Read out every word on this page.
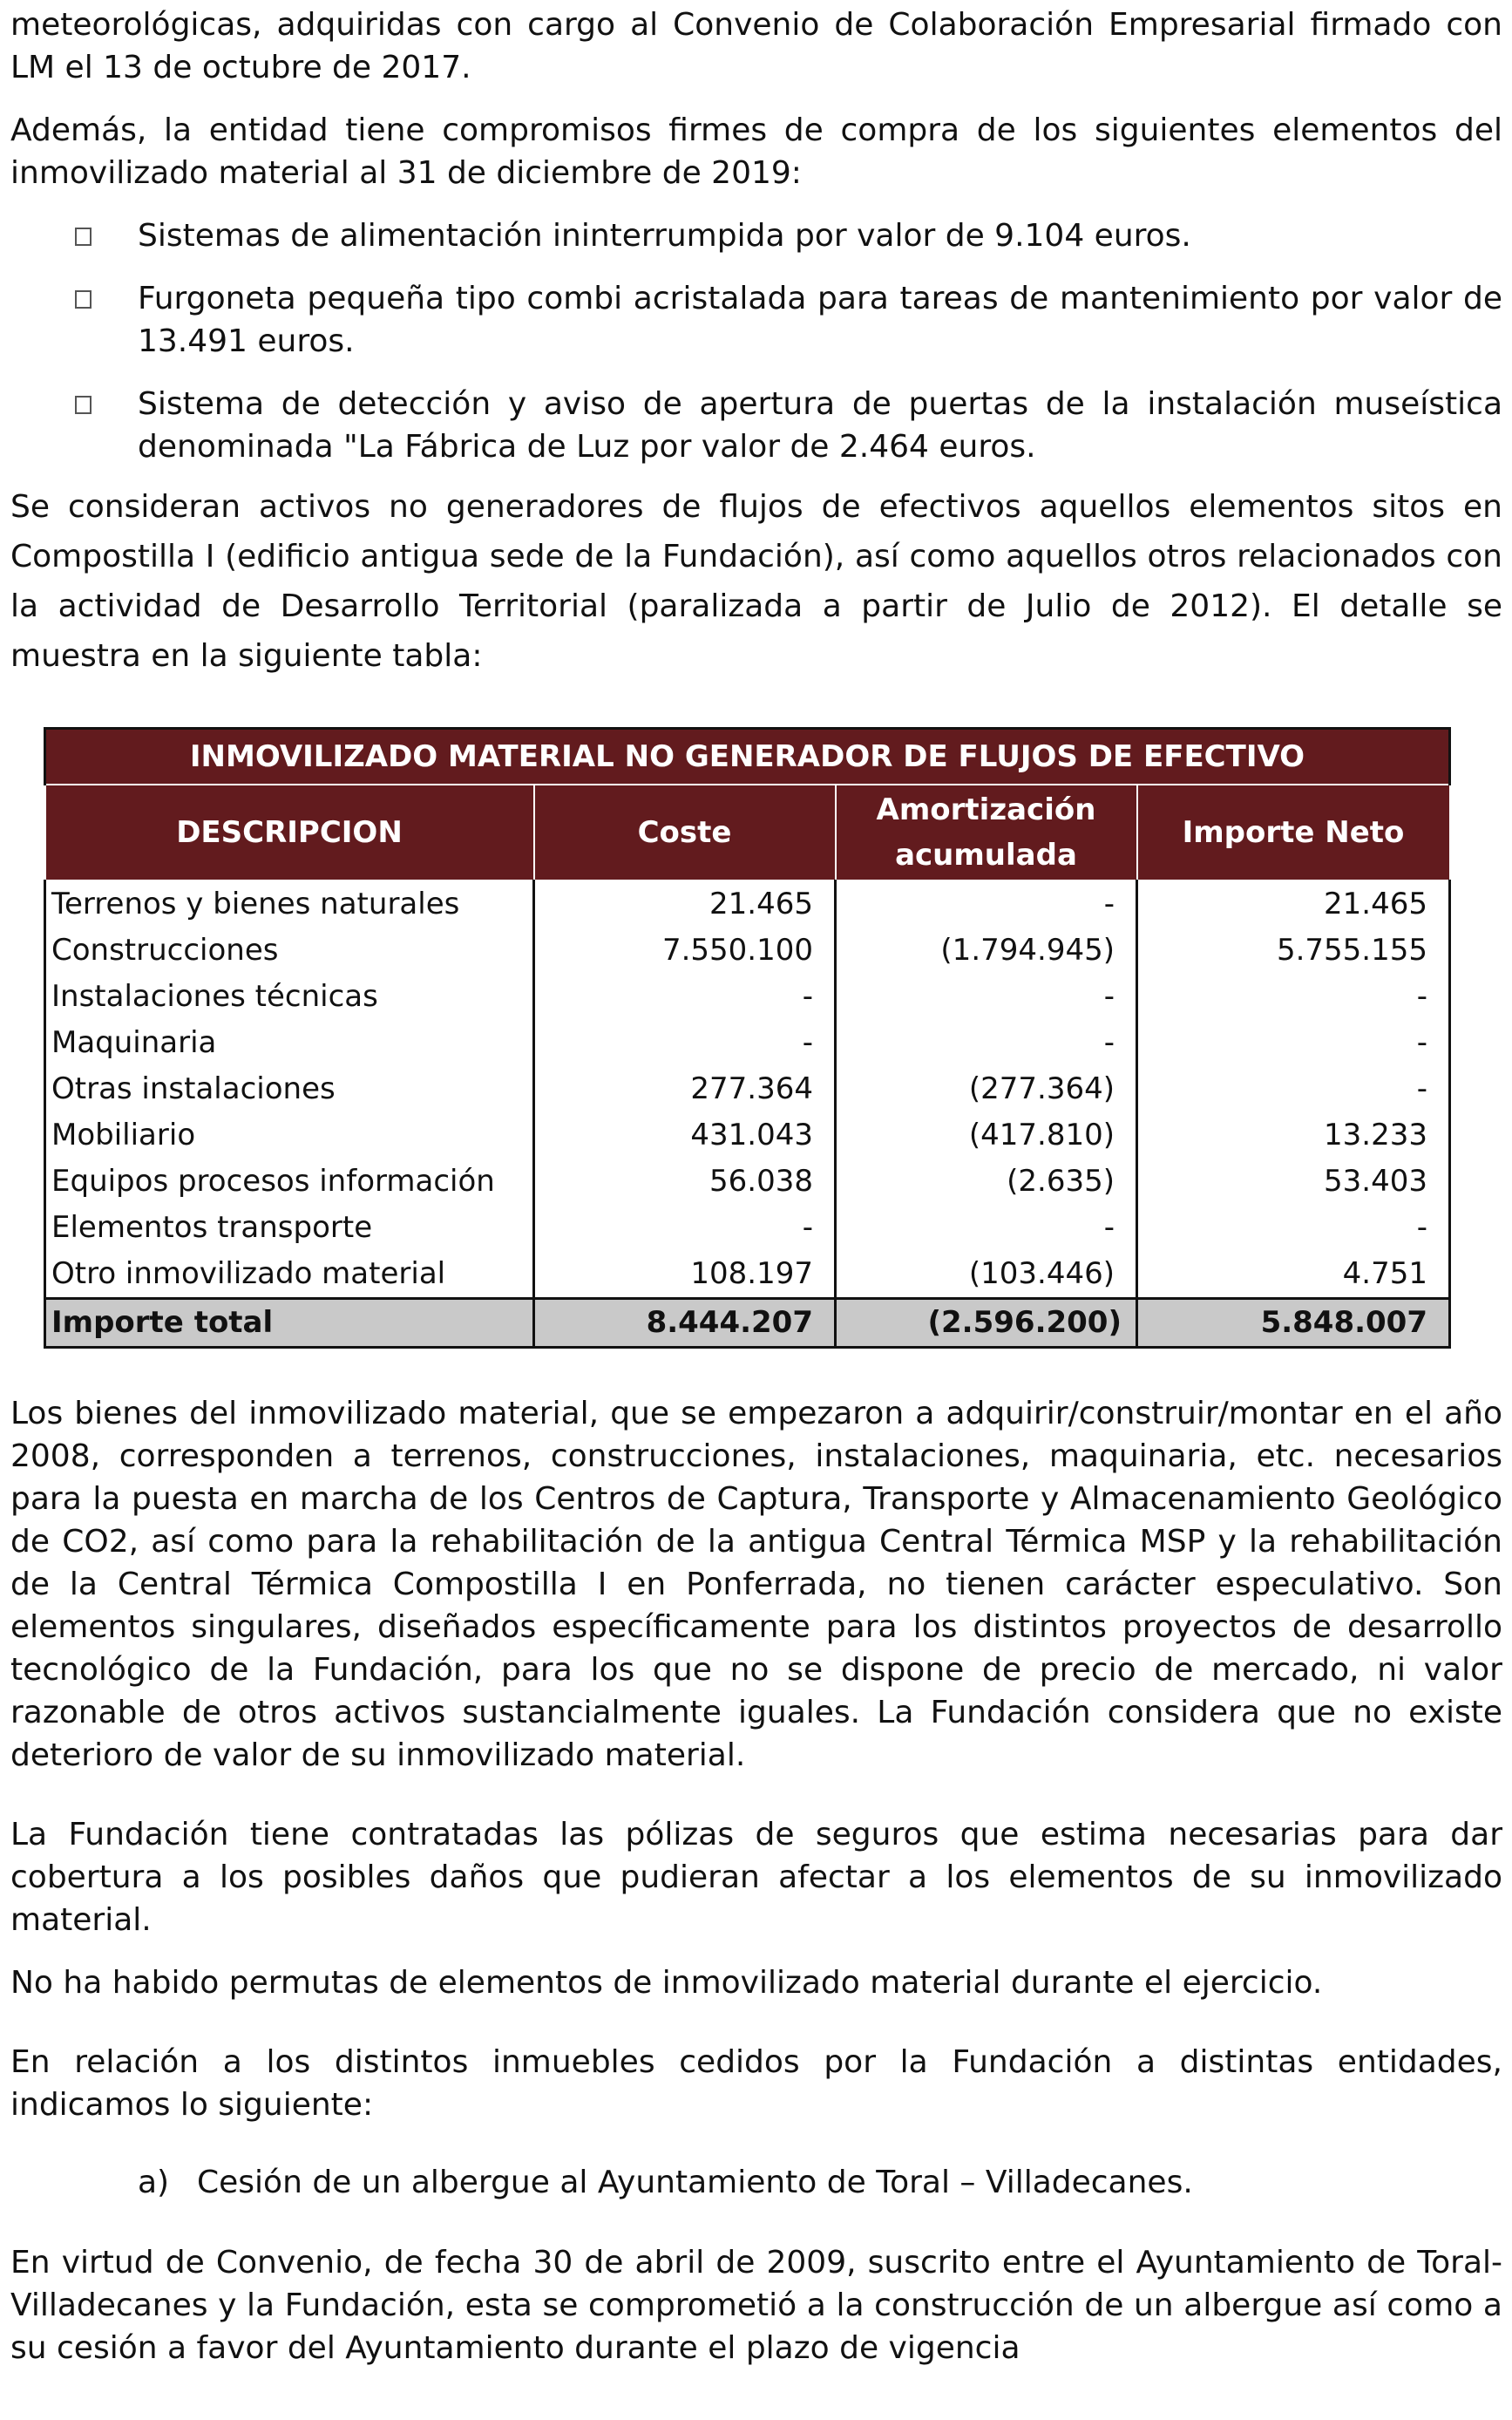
meteorológicas, adquiridas con cargo al Convenio de Colaboración Empresarial firmado con LM el 13 de octubre de 2017.

Además, la entidad tiene compromisos firmes de compra de los siguientes elementos del inmovilizado material al 31 de diciembre de 2019:

Sistemas de alimentación ininterrumpida por valor de 9.104 euros.
Furgoneta pequeña tipo combi acristalada para tareas de mantenimiento por valor de 13.491 euros.
Sistema de detección y aviso de apertura de puertas de la instalación museística denominada "La Fábrica de Luz por valor de 2.464 euros.

Se consideran activos no generadores de flujos de efectivos aquellos elementos sitos en Compostilla I (edificio antigua sede de la Fundación), así como aquellos otros relacionados con la actividad de Desarrollo Territorial (paralizada a partir de Julio de 2012). El detalle se muestra en la siguiente tabla:

INMOVILIZADO MATERIAL NO GENERADOR DE FLUJOS DE EFECTIVO			
DESCRIPCION	Coste	Amortización acumulada	Importe Neto
Terrenos y bienes naturales	21.465	-	21.465
Construcciones	7.550.100	(1.794.945)	5.755.155
Instalaciones técnicas	-	-	-
Maquinaria	-	-	-
Otras instalaciones	277.364	(277.364)	-
Mobiliario	431.043	(417.810)	13.233
Equipos procesos información	56.038	(2.635)	53.403
Elementos transporte	-	-	-
Otro inmovilizado material	108.197	(103.446)	4.751
Importe total	8.444.207	(2.596.200)	5.848.007

Los bienes del inmovilizado material, que se empezaron a adquirir/construir/montar en el año 2008, corresponden a terrenos, construcciones, instalaciones, maquinaria, etc. necesarios para la puesta en marcha de los Centros de Captura, Transporte y Almacenamiento Geológico de CO2, así como para la rehabilitación de la antigua Central Térmica MSP y la rehabilitación de la Central Térmica Compostilla I en Ponferrada, no tienen carácter especulativo. Son elementos singulares, diseñados específicamente para los distintos proyectos de desarrollo tecnológico de la Fundación, para los que no se dispone de precio de mercado, ni valor razonable de otros activos sustancialmente iguales. La Fundación considera que no existe deterioro de valor de su inmovilizado material.

La Fundación tiene contratadas las pólizas de seguros que estima necesarias para dar cobertura a los posibles daños que pudieran afectar a los elementos de su inmovilizado material.

No ha habido permutas de elementos de inmovilizado material durante el ejercicio.

En relación a los distintos inmuebles cedidos por la Fundación a distintas entidades, indicamos lo siguiente:

a) Cesión de un albergue al Ayuntamiento de Toral – Villadecanes.

En virtud de Convenio, de fecha 30 de abril de 2009, suscrito entre el Ayuntamiento de Toral-Villadecanes y la Fundación, esta se comprometió a la construcción de un albergue así como a su cesión a favor del Ayuntamiento durante el plazo de vigencia
